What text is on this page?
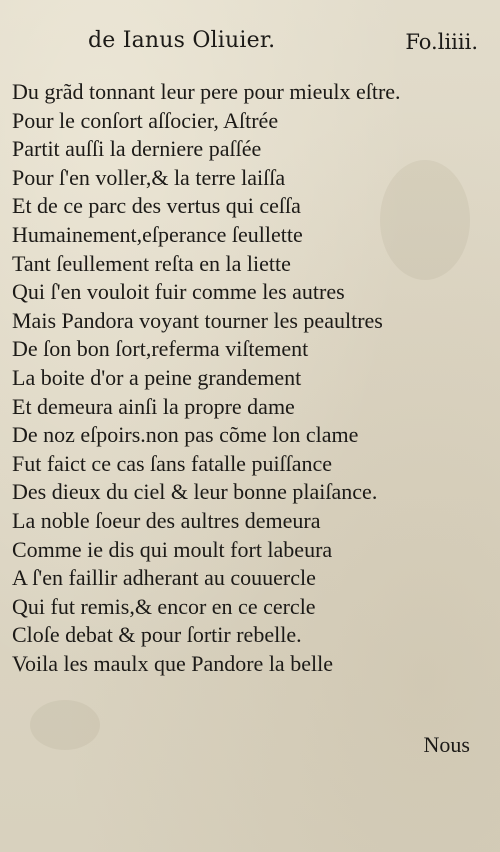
de Ianus Oliuier.	Fo.liiii.
Du grãd tonnant leur pere pour mieulx eſtre.
Pour le conſort aſſocier, Aſtrée
Partit auſſi la derniere paſſée
Pour ſ'en voller,& la terre laiſſa
Et de ce parc des vertus qui ceſſa
Humainement,eſperance ſeullette
Tant ſeullement reſta en la liette
Qui ſ'en vouloit fuir comme les autres
Mais Pandora voyant tourner les peaultres
De ſon bon ſort,referma viſtement
La boite d'or a peine grandement
Et demeura ainſi la propre dame
De noz eſpoirs.non pas cõme lon clame
Fut faict ce cas ſans fatalle puiſſance
Des dieux du ciel & leur bonne plaiſance.
La noble ſoeur des aultres demeura
Comme ie dis qui moult fort labeura
A ſ'en faillir adherant au couuercle
Qui fut remis,& encor en ce cercle
Cloſe debat & pour ſortir rebelle.
Voila les maulx que Pandore la belle
Nous
